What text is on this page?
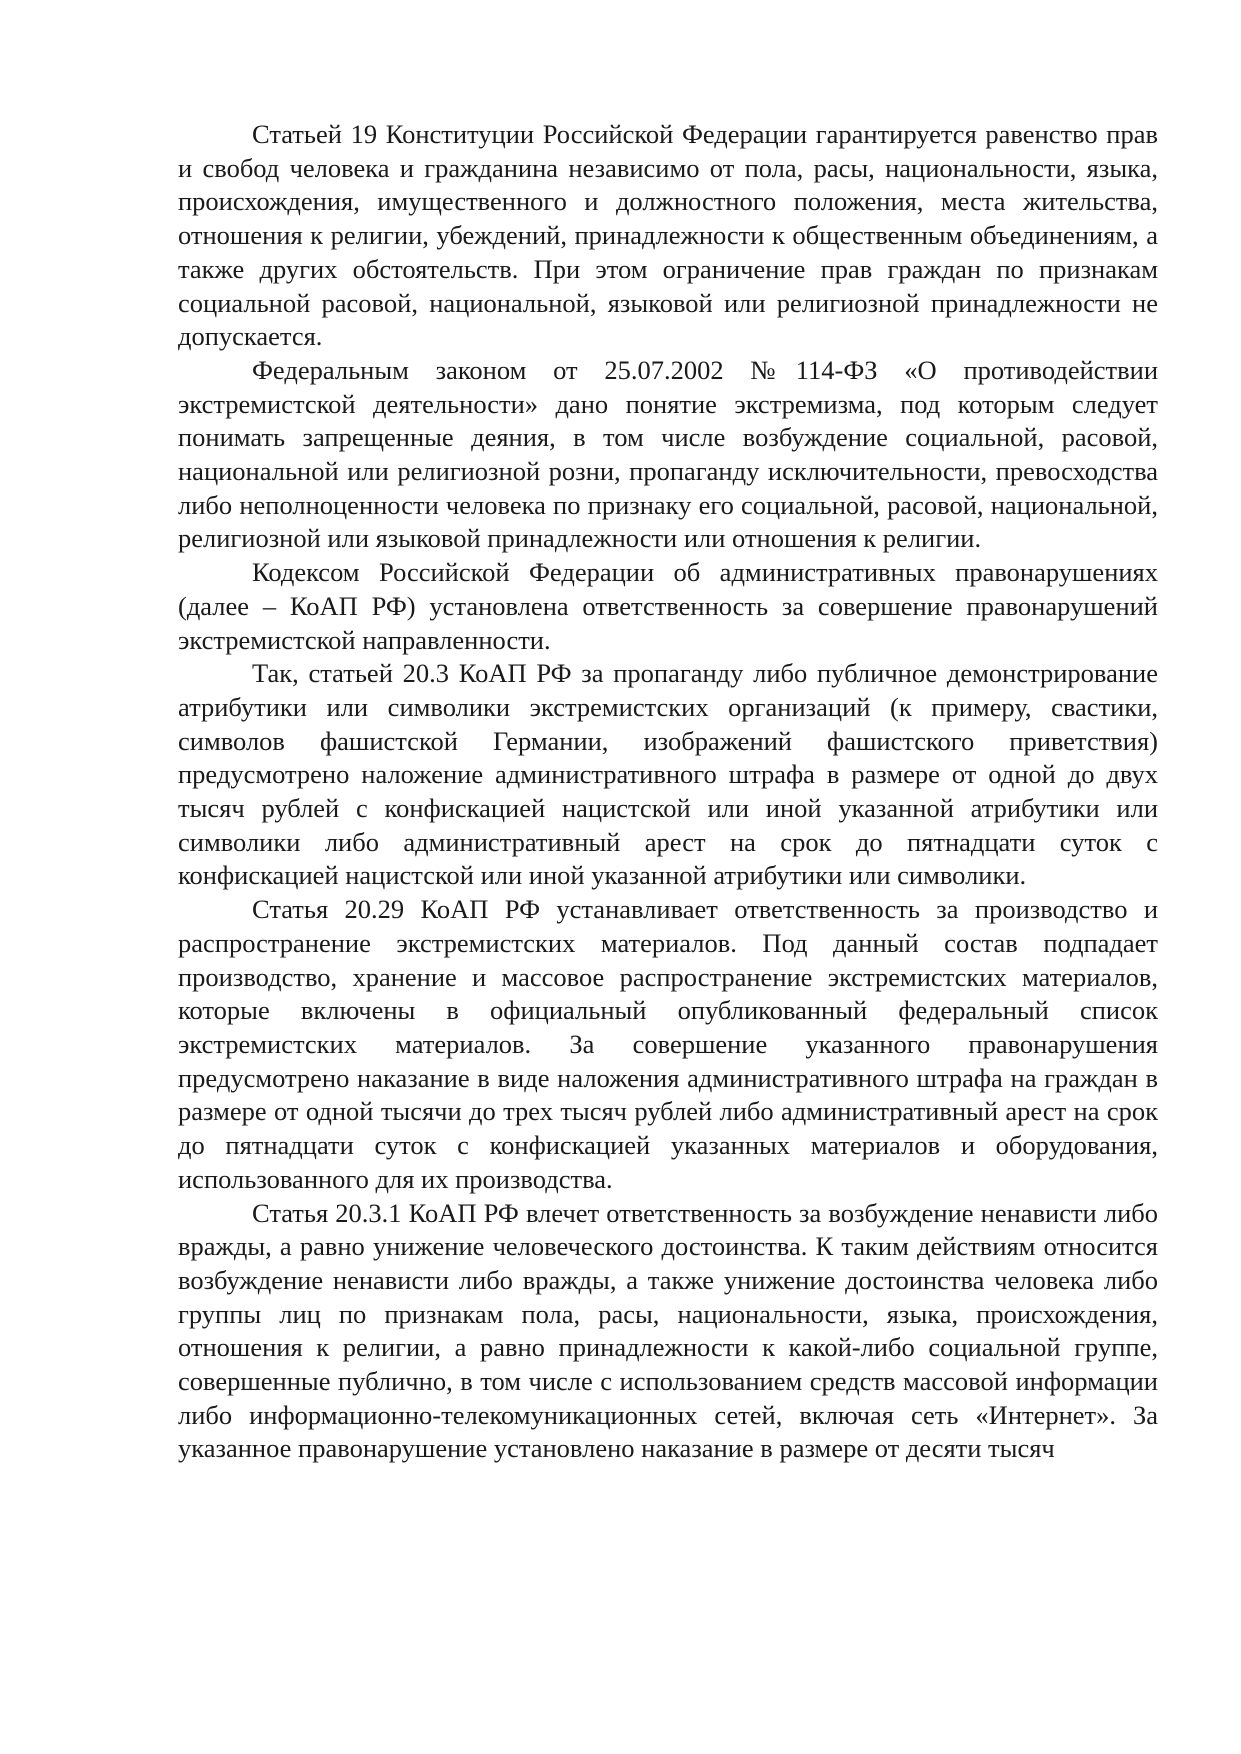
Статьей 19 Конституции Российской Федерации гарантируется равенство прав и свобод человека и гражданина независимо от пола, расы, национальности, языка, происхождения, имущественного и должностного положения, места жительства, отношения к религии, убеждений, принадлежности к общественным объединениям, а также других обстоятельств. При этом ограничение прав граждан по признакам социальной расовой, национальной, языковой или религиозной принадлежности не допускается.

Федеральным законом от 25.07.2002 №114-ФЗ «О противодействии экстремистской деятельности» дано понятие экстремизма, под которым следует понимать запрещенные деяния, в том числе возбуждение социальной, расовой, национальной или религиозной розни, пропаганду исключительности, превосходства либо неполноценности человека по признаку его социальной, расовой, национальной, религиозной или языковой принадлежности или отношения к религии.

Кодексом Российской Федерации об административных правонарушениях (далее – КоАП РФ) установлена ответственность за совершение правонарушений экстремистской направленности.

Так, статьей 20.3 КоАП РФ за пропаганду либо публичное демонстрирование атрибутики или символики экстремистских организаций (к примеру, свастики, символов фашистской Германии, изображений фашистского приветствия) предусмотрено наложение административного штрафа в размере от одной до двух тысяч рублей с конфискацией нацистской или иной указанной атрибутики или символики либо административный арест на срок до пятнадцати суток с конфискацией нацистской или иной указанной атрибутики или символики.

Статья 20.29 КоАП РФ устанавливает ответственность за производство и распространение экстремистских материалов. Под данный состав подпадает производство, хранение и массовое распространение экстремистских материалов, которые включены в официальный опубликованный федеральный список экстремистских материалов. За совершение указанного правонарушения предусмотрено наказание в виде наложения административного штрафа на граждан в размере от одной тысячи до трех тысяч рублей либо административный арест на срок до пятнадцати суток с конфискацией указанных материалов и оборудования, использованного для их производства.

Статья 20.3.1 КоАП РФ влечет ответственность за возбуждение ненависти либо вражды, а равно унижение человеческого достоинства. К таким действиям относится возбуждение ненависти либо вражды, а также унижение достоинства человека либо группы лиц по признакам пола, расы, национальности, языка, происхождения, отношения к религии, а равно принадлежности к какой-либо социальной группе, совершенные публично, в том числе с использованием средств массовой информации либо информационно-телекомуникационных сетей, включая сеть «Интернет». За указанное правонарушение установлено наказание в размере от десяти тысяч
